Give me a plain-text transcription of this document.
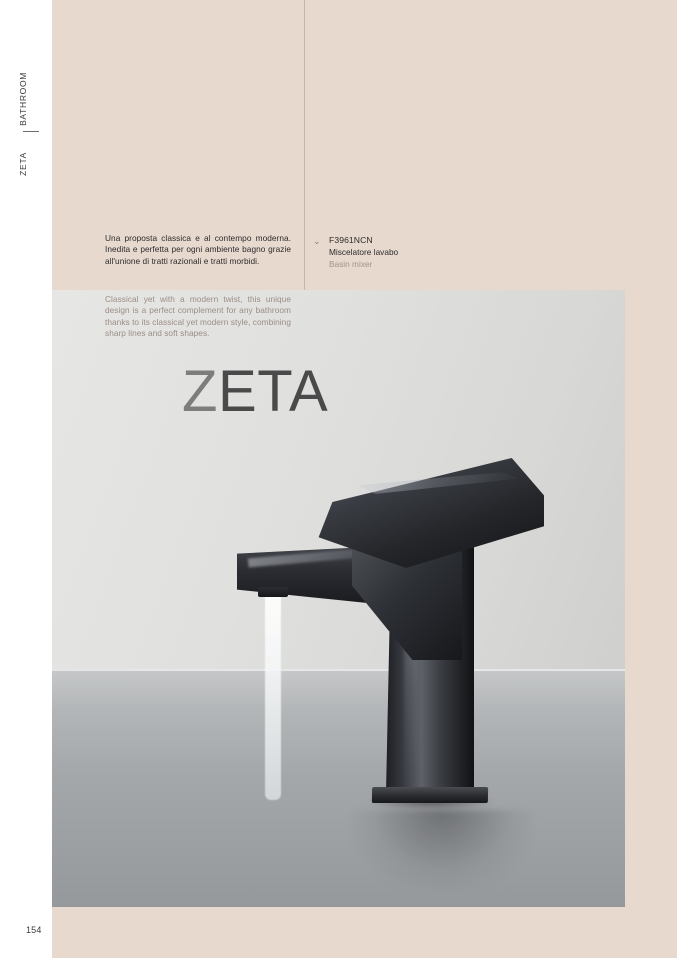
ZETA
Una proposta classica e al contempo moderna. Inedita e perfetta per ogni ambiente bagno grazie all'unione di tratti razionali e tratti morbidi.
Classical yet with a modern twist, this unique design is a perfect complement for any bathroom thanks to its classical yet modern style, combining sharp lines and soft shapes.
⌄ F3961NCN
Miscelatore lavabo
Basin mixer
BATHROOM
ZETA
154
